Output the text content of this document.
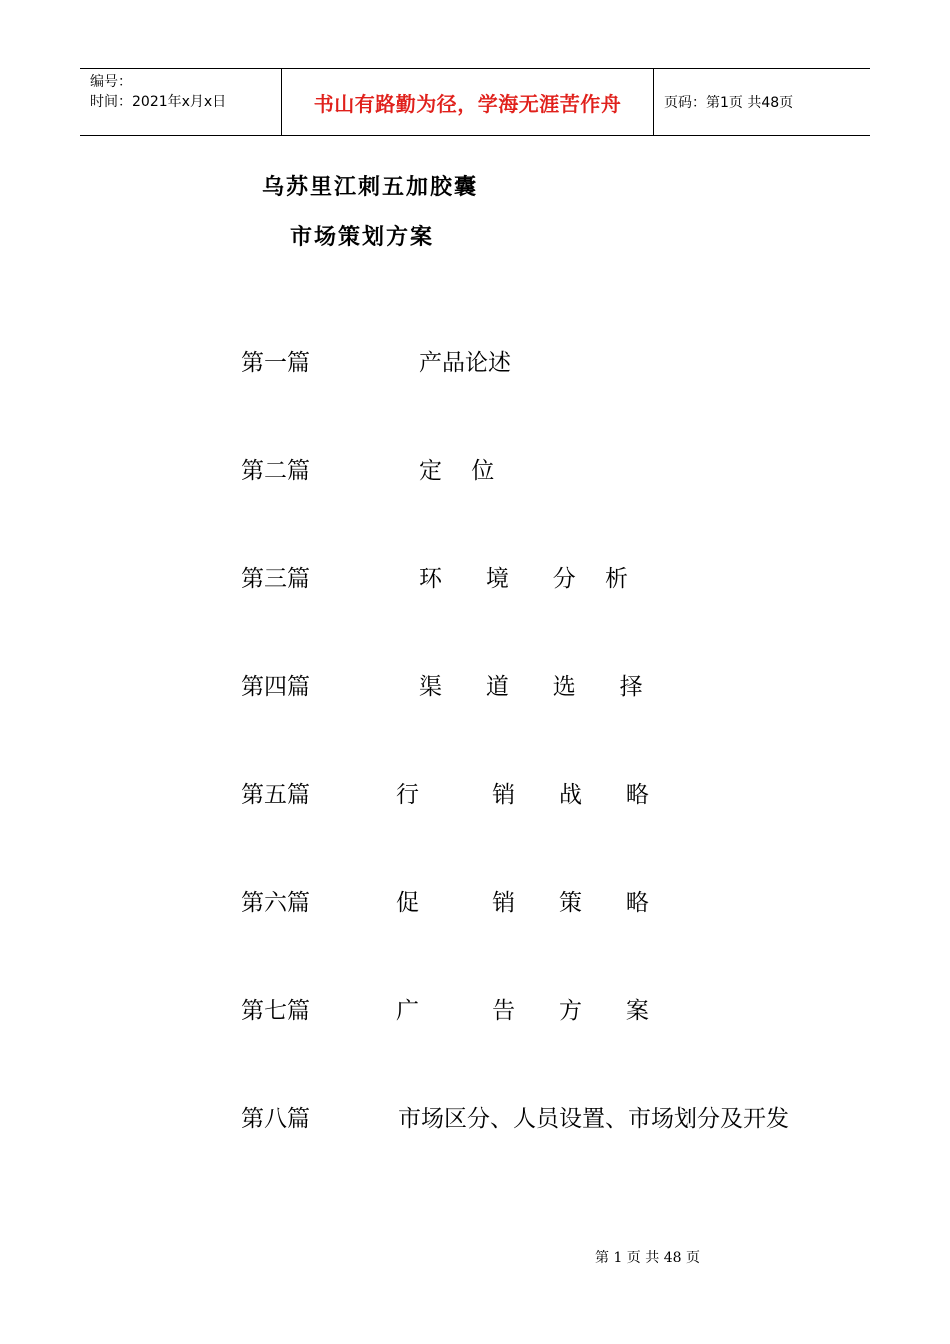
编号：
时间：2021年x月x日	书山有路勤为径，学海无涯苦作舟	页码：第1页 共48页
乌苏里江刺五加胶囊
市场策划方案
第一篇	产品论述
第二篇	定    位
第三篇	环      境      分    析
第四篇	渠      道      选      择
第五篇	行          销      战      略
第六篇	促          销      策      略
第七篇	广          告      方      案
第八篇	市场区分、人员设置、市场划分及开发
第 1 页 共 48 页
